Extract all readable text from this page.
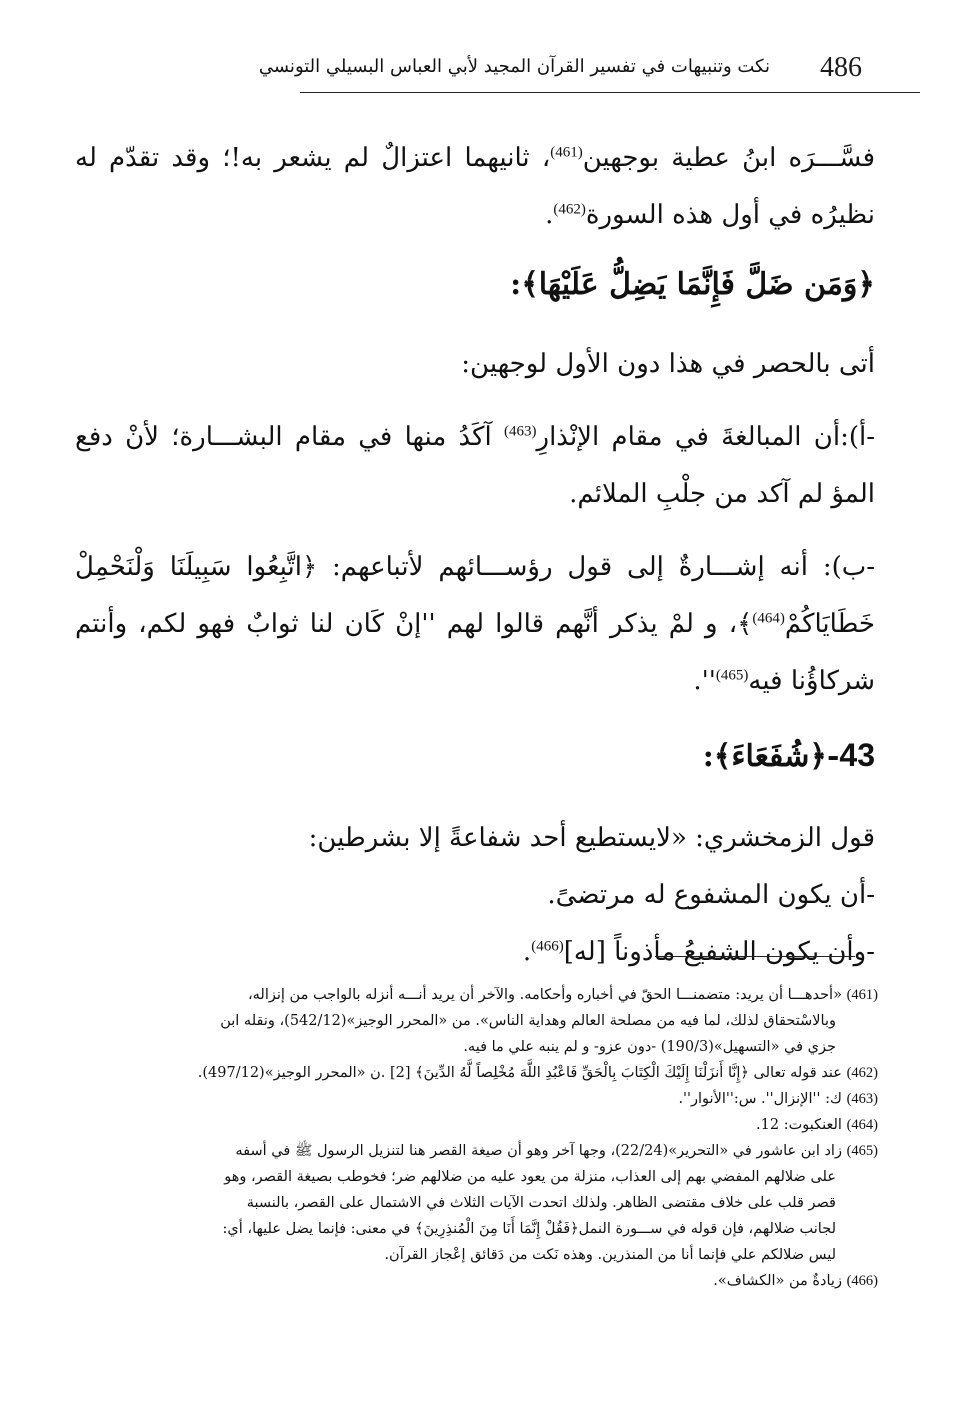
486
نكت وتنبيهات في تفسير القرآن المجيد لأبي العباس البسيلي التونسي

فسَّـــرَه ابنُ عطية بوجهين$^{(461)}$، ثانيهما اعتزالٌ لم يشعر به!؛ وقد تقدّم له نظيرُه في أول هذه السورة$^{(462)}$.

﴿وَمَن ضَلَّ فَإِنَّمَا يَضِلُّ عَلَيْهَا﴾:

أتى بالحصر في هذا دون الأول لوجهين:

-أ):أن المبالغةَ في مقام الإنْذارِ$^{(463)}$ آكَدُ منها في مقام البشـــارة؛ لأنْ دفع المؤ لم آكد من جلْبِ الملائم.

-ب): أنه إشـــارةٌ إلى قول رؤســـائهم لأتباعهم: ﴿اتَّبِعُوا سَبِيلَنَا وَلْنَحْمِلْ خَطَايَاكُمْ$^{(464)}$﴾، و لمْ يذكر أنَّهم قالوا لهم ''إنْ كَان لنا ثوابٌ فهو لكم، وأنتم شركاؤُنا فيه$^{(465)}$''.

43-﴿شُفَعَاءَ﴾:

قول الزمخشري: «لايستطيع أحد شفاعةً إلا بشرطين:

-أن يكون المشفوع له مرتضىً.

-وأن يكون الشفيعُ مأذوناً [له]$^{(466)}$.

(461) «أحدهـــا أن يريد: متضمنـــا الحقّ في أخباره وأحكامه. والآخر أن يريد أنـــه أنزله بالواجب من إنزاله،

وبالاسْتحقاق لذلك، لما فيه من مصلحة العالم وهداية الناس». من «المحرر الوجيز»(542/12)، ونقله ابن

جزي في «التسهيل»(190/3) -دون عزو- و لم ينبه علي ما فيه.

(462) عند قوله تعالى ﴿إِنَّا أَنزَلْنَا إِلَيْكَ الْكِتَابَ بِالْحَقِّ فَاعْبُدِ اللَّهَ مُخْلِصاً لَّهُ الدِّينَ﴾ [2] .ن «المحرر الوجيز»(497/12).

(463) ك: ''الإنزال''. س:''الأنوار''.

(464) العنكبوت: 12.

(465) زاد ابن عاشور في «التحرير»(22/24)، وجها آخر وهو أن صيغة القصر هنا لتنزيل الرسول ﷺ في أسفه

على ضلالهم المفضي بهم إلى العذاب، منزلة من يعود عليه من ضلالهم ضر؛ فخوطب بصيغة القصر، وهو

قصر قلب على خلاف مقتضى الظاهر. ولذلك اتحدت الآيات الثلاث في الاشتمال على القصر، بالنسبة

لجانب ضلالهم، فإن قوله في ســـورة النمل﴿فَقُلْ إِنَّمَا أَنَا مِنَ الْمُنذِرِينَ﴾ في معنى: فإنما يضل عليها، أي:

ليس ضلالكم علي فإنما أنا من المنذرين. وهذه نَكت من دَقائق إعْجاز القرآن.

(466) زيادةٌ من «الكشاف».
